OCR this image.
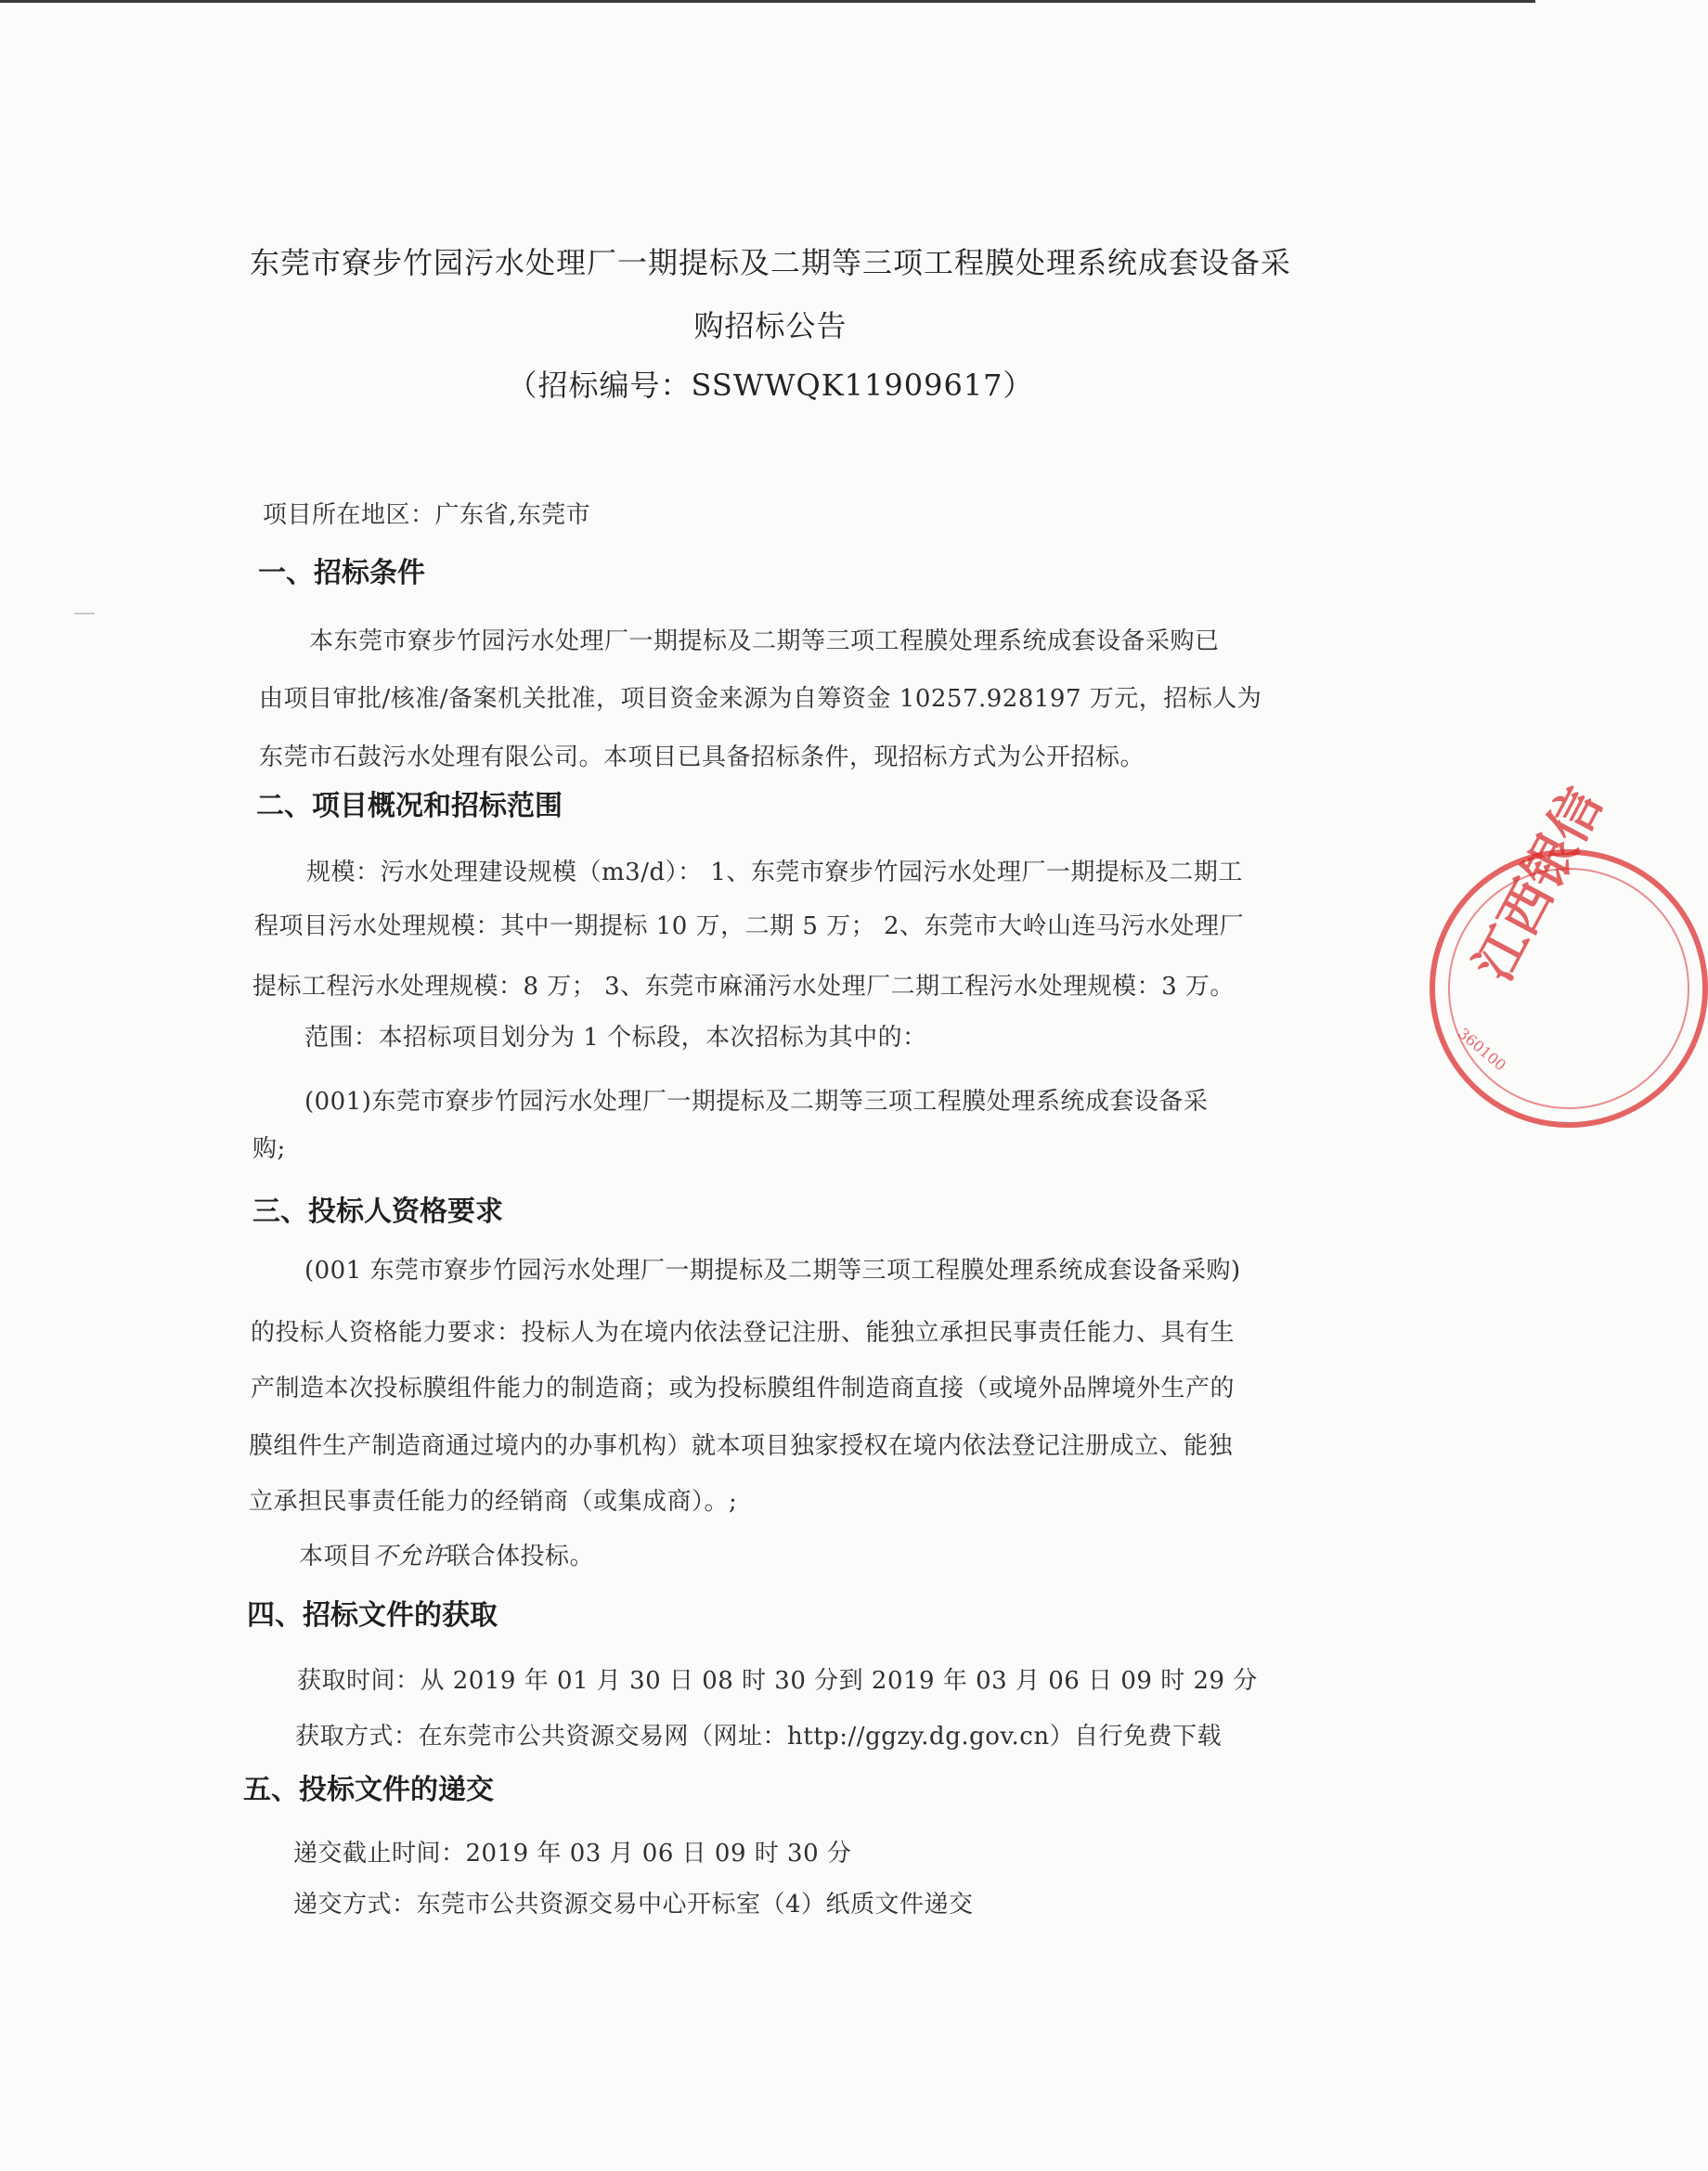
东莞市寮步竹园污水处理厂一期提标及二期等三项工程膜处理系统成套设备采
购招标公告
（招标编号：SSWWQK11909617）
项目所在地区：广东省,东莞市
一、招标条件
本东莞市寮步竹园污水处理厂一期提标及二期等三项工程膜处理系统成套设备采购已
由项目审批/核准/备案机关批准，项目资金来源为自筹资金 10257.928197 万元，招标人为
东莞市石鼓污水处理有限公司。本项目已具备招标条件，现招标方式为公开招标。
二、项目概况和招标范围
规模：污水处理建设规模（m3/d）： 1、东莞市寮步竹园污水处理厂一期提标及二期工
程项目污水处理规模：其中一期提标 10 万，二期 5 万； 2、东莞市大岭山连马污水处理厂
提标工程污水处理规模：8 万； 3、东莞市麻涌污水处理厂二期工程污水处理规模：3 万。
范围：本招标项目划分为 1 个标段，本次招标为其中的：
(001)东莞市寮步竹园污水处理厂一期提标及二期等三项工程膜处理系统成套设备采
购;
三、投标人资格要求
(001 东莞市寮步竹园污水处理厂一期提标及二期等三项工程膜处理系统成套设备采购)
的投标人资格能力要求：投标人为在境内依法登记注册、能独立承担民事责任能力、具有生
产制造本次投标膜组件能力的制造商；或为投标膜组件制造商直接（或境外品牌境外生产的
膜组件生产制造商通过境内的办事机构）就本项目独家授权在境内依法登记注册成立、能独
立承担民事责任能力的经销商（或集成商）。;
本项目不允许联合体投标。
四、招标文件的获取
获取时间：从 2019 年 01 月 30 日 08 时 30 分到 2019 年 03 月 06 日 09 时 29 分
获取方式：在东莞市公共资源交易网（网址：http://ggzy.dg.gov.cn）自行免费下载
五、投标文件的递交
递交截止时间：2019 年 03 月 06 日 09 时 30 分
递交方式：东莞市公共资源交易中心开标室（4）纸质文件递交
江西银信
360100
